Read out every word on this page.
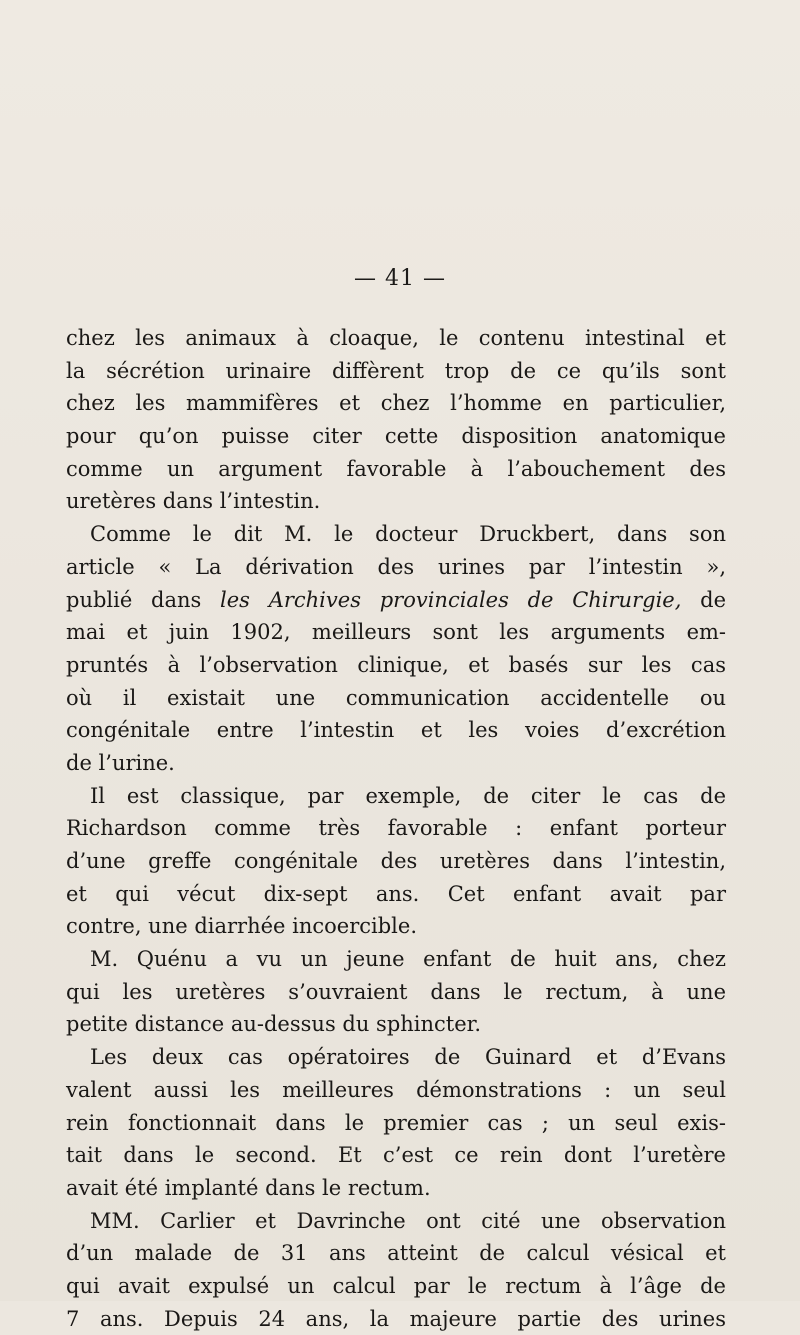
— 41 —
chez les animaux à cloaque, le contenu intestinal et
la sécrétion urinaire diffèrent trop de ce qu’ils sont
chez les mammifères et chez l’homme en particulier,
pour qu’on puisse citer cette disposition anatomique
comme un argument favorable à l’abouchement des
uretères dans l’intestin.
Comme le dit M. le docteur Druckbert, dans son
article « La dérivation des urines par l’intestin »,
publié dans les Archives provinciales de Chirurgie, de
mai et juin 1902, meilleurs sont les arguments em-
pruntés à l’observation clinique, et basés sur les cas
où il existait une communication accidentelle ou
congénitale entre l’intestin et les voies d’excrétion
de l’urine.
Il est classique, par exemple, de citer le cas de
Richardson comme très favorable : enfant porteur
d’une greffe congénitale des uretères dans l’intestin,
et qui vécut dix-sept ans. Cet enfant avait par
contre, une diarrhée incoercible.
M. Quénu a vu un jeune enfant de huit ans, chez
qui les uretères s’ouvraient dans le rectum, à une
petite distance au-dessus du sphincter.
Les deux cas opératoires de Guinard et d’Evans
valent aussi les meilleures démonstrations : un seul
rein fonctionnait dans le premier cas ; un seul exis-
tait dans le second. Et c’est ce rein dont l’uretère
avait été implanté dans le rectum.
MM. Carlier et Davrinche ont cité une observation
d’un malade de 31 ans atteint de calcul vésical et
qui avait expulsé un calcul par le rectum à l’âge de
7 ans. Depuis 24 ans, la majeure partie des urines
